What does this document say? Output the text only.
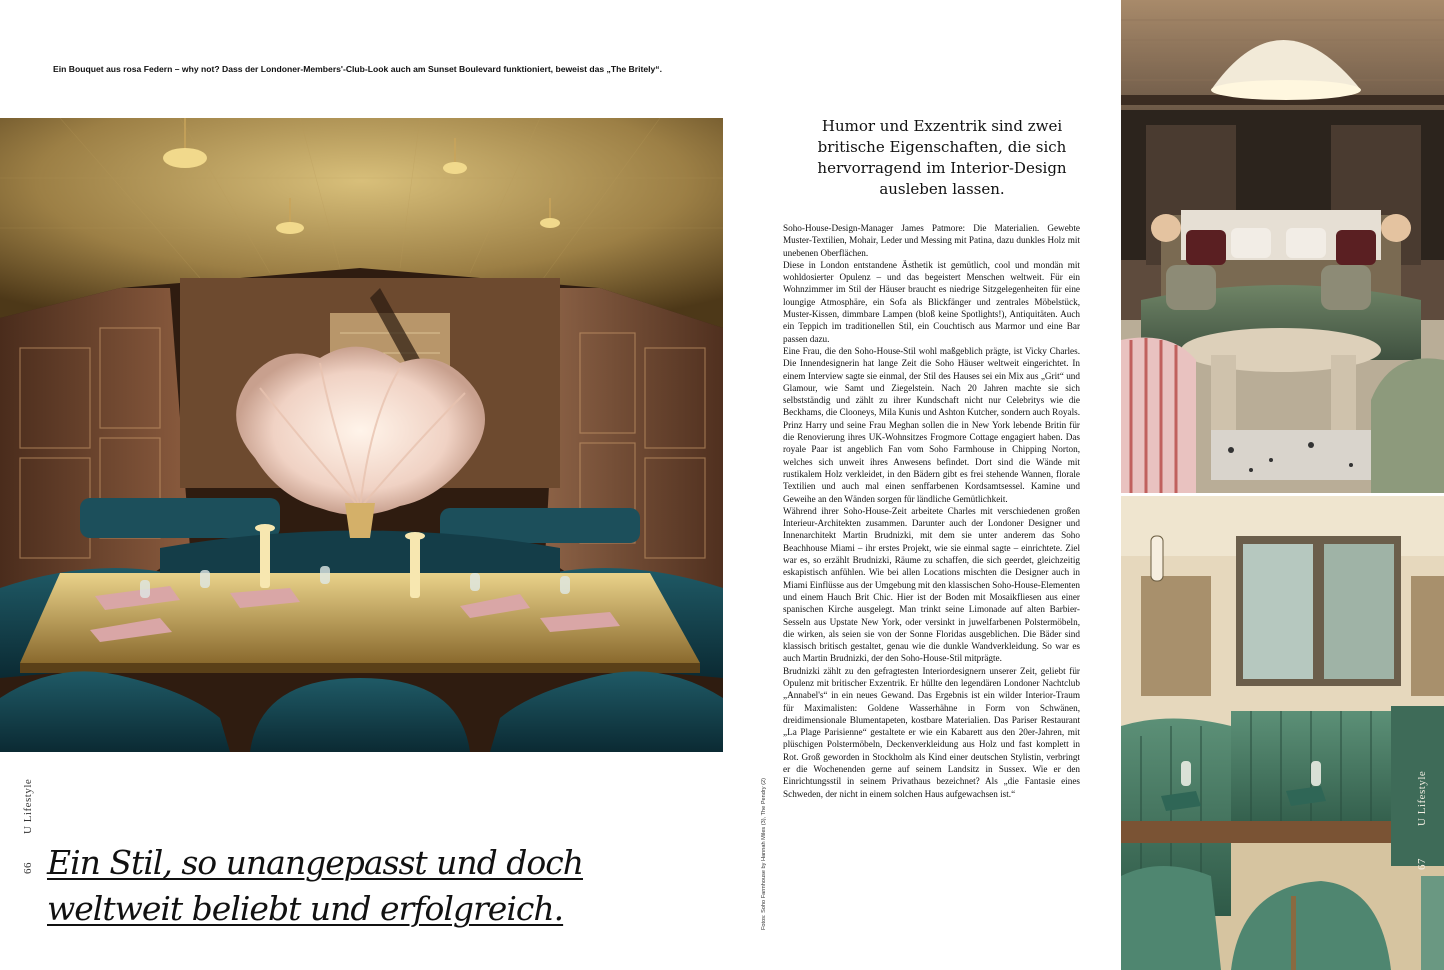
Ein Bouquet aus rosa Federn – why not? Dass der Londoner-Members'-Club-Look auch am Sunset Boulevard funktioniert, beweist das „The Britely“.
66
U Lifestyle
Ein Stil, so unangepasst und doch
weltweit beliebt und erfolgreich.	Fotos: Soho Farmhouse by Hannah Miles (3), The Pendry (2)
Humor und Exzentrik sind zwei britische Eigenschaften, die sich hervorragend im Interior-Design ausleben lassen.

Soho-House-Design-Manager James Patmore: Die Materialien. Gewebte Muster-Textilien, Mohair, Leder und Messing mit Patina, dazu dunkles Holz mit unebenen Oberflächen.

Diese in London entstandene Ästhetik ist gemütlich, cool und mondän mit wohldosierter Opulenz – und das begeistert Menschen weltweit. Für ein Wohnzimmer im Stil der Häuser braucht es niedrige Sitzgelegenheiten für eine loungige Atmosphäre, ein Sofa als Blickfänger und zentrales Möbelstück, Muster-Kissen, dimmbare Lampen (bloß keine Spotlights!), Antiquitäten. Auch ein Teppich im traditionellen Stil, ein Couchtisch aus Marmor und eine Bar passen dazu.

Eine Frau, die den Soho-House-Stil wohl maßgeblich prägte, ist Vicky Charles. Die Innendesignerin hat lange Zeit die Soho Häuser weltweit eingerichtet. In einem Interview sagte sie einmal, der Stil des Hauses sei ein Mix aus „Grit“ und Glamour, wie Samt und Ziegelstein. Nach 20 Jahren machte sie sich selbstständig und zählt zu ihrer Kundschaft nicht nur Celebritys wie die Beckhams, die Clooneys, Mila Kunis und Ashton Kutcher, sondern auch Royals. Prinz Harry und seine Frau Meghan sollen die in New York lebende Britin für die Renovierung ihres UK-Wohnsitzes Frogmore Cottage engagiert haben. Das royale Paar ist angeblich Fan vom Soho Farmhouse in Chipping Norton, welches sich unweit ihres Anwesens befindet. Dort sind die Wände mit rustikalem Holz verkleidet, in den Bädern gibt es frei stehende Wannen, florale Textilien und auch mal einen senffarbenen Kordsamtsessel. Kamine und Geweihe an den Wänden sorgen für ländliche Gemütlichkeit.

Während ihrer Soho-House-Zeit arbeitete Charles mit verschiedenen großen Interieur-Architekten zusammen. Darunter auch der Londoner Designer und Innenarchitekt Martin Brudnizki, mit dem sie unter anderem das Soho Beachhouse Miami – ihr erstes Projekt, wie sie einmal sagte – einrichtete. Ziel war es, so erzählt Brudnizki, Räume zu schaffen, die sich geerdet, gleichzeitig eskapistisch anfühlen. Wie bei allen Locations mischten die Designer auch in Miami Einflüsse aus der Umgebung mit den klassischen Soho-House-Elementen und einem Hauch Brit Chic. Hier ist der Boden mit Mosaikfliesen aus einer spanischen Kirche ausgelegt. Man trinkt seine Limonade auf alten Barbier-Sesseln aus Upstate New York, oder versinkt in juwelfarbenen Polstermöbeln, die wirken, als seien sie von der Sonne Floridas ausgeblichen. Die Bäder sind klassisch britisch gestaltet, genau wie die dunkle Wandverkleidung. So war es auch Martin Brudnizki, der den Soho-House-Stil mitprägte.

Brudnizki zählt zu den gefragtesten Interiordesignern unserer Zeit, geliebt für Opulenz mit britischer Exzentrik. Er hüllte den legendären Londoner Nachtclub „Annabel's“ in ein neues Gewand. Das Ergebnis ist ein wilder Interior-Traum für Maximalisten: Goldene Wasserhähne in Form von Schwänen, dreidimensionale Blumentapeten, kostbare Materialien. Das Pariser Restaurant „La Plage Parisienne“ gestaltete er wie ein Kabarett aus den 20er-Jahren, mit plüschigen Polstermöbeln, Deckenverkleidung aus Holz und fast komplett in Rot. Groß geworden in Stockholm als Kind einer deutschen Stylistin, verbringt er die Wochenenden gerne auf seinem Landsitz in Sussex. Wie er den Einrichtungsstil in seinem Privathaus bezeichnet? Als „die Fantasie eines Schweden, der nicht in einem solchen Haus aufgewachsen ist.“	U Lifestyle
67
